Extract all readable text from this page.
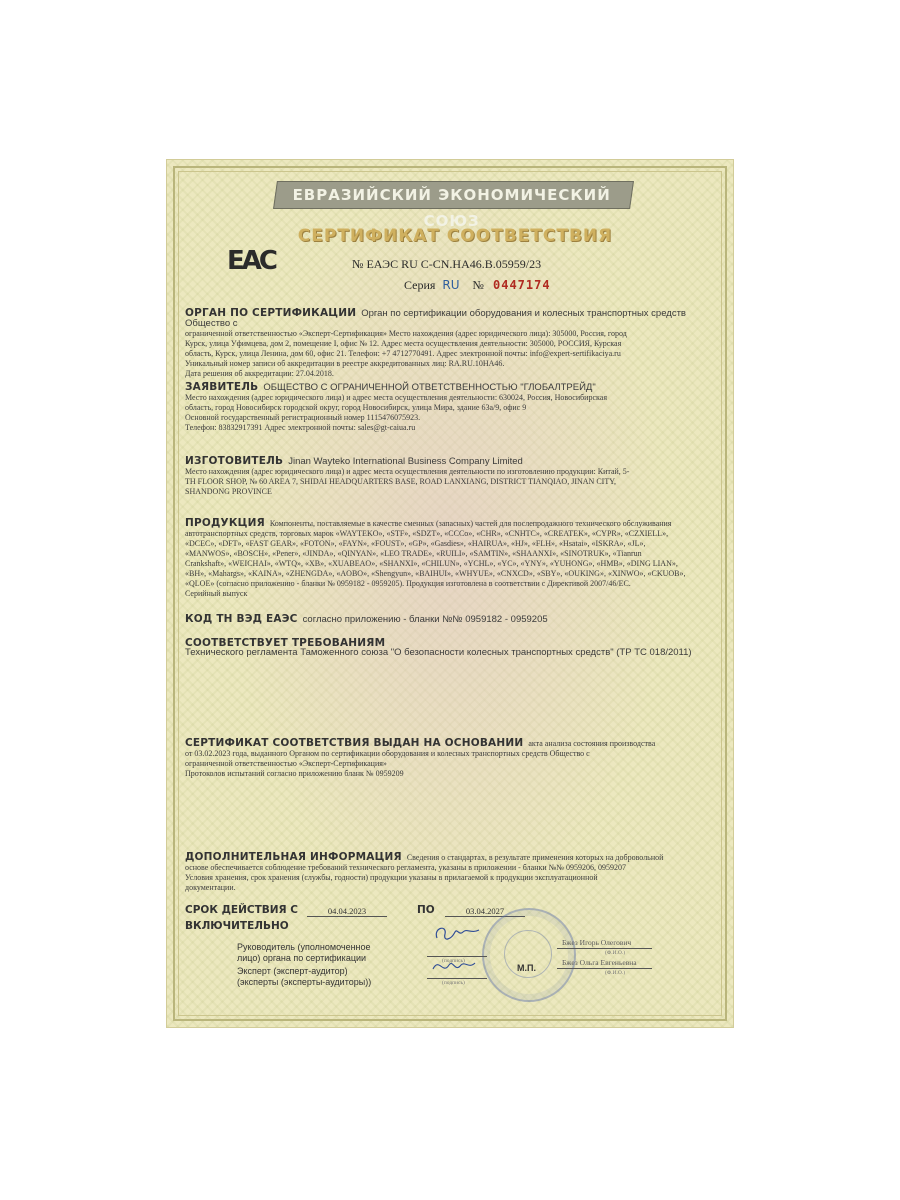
ЕВРАЗИЙСКИЙ ЭКОНОМИЧЕСКИЙ СОЮЗ
СЕРТИФИКАТ СООТВЕТСТВИЯ
ЕАС	№ ЕАЭС RU С-CN.НА46.В.05959/23
Серия RU № 0447174
ОРГАН ПО СЕРТИФИКАЦИИ Орган по сертификации оборудования и колесных транспортных средств Общество с
ограниченной ответственностью «Эксперт-Сертификация» Место нахождения (адрес юридического лица): 305000, Россия, город
Курск, улица Уфимцева, дом 2, помещение I, офис № 12. Адрес места осуществления деятельности: 305000, РОССИЯ, Курская
область, Курск, улица Ленина, дом 60, офис 21. Телефон: +7 4712770491. Адрес электронной почты: info@expert-sertifikaciya.ru
Уникальный номер записи об аккредитации в реестре аккредитованных лиц: RA.RU.10НА46.
Дата решения об аккредитации: 27.04.2018.
ЗАЯВИТЕЛЬ ОБЩЕСТВО С ОГРАНИЧЕННОЙ ОТВЕТСТВЕННОСТЬЮ "ГЛОБАЛТРЕЙД"
Место нахождения (адрес юридического лица) и адрес места осуществления деятельности: 630024, Россия, Новосибирская
область, город Новосибирск городской округ, город Новосибирск, улица Мира, здание 63а/9, офис 9
Основной государственный регистрационный номер 1115476075923.
Телефон: 83832917391 Адрес электронной почты: sales@gt-caiua.ru
ИЗГОТОВИТЕЛЬ Jinan Wayteko International Business Company Limited
Место нахождения (адрес юридического лица) и адрес места осуществления деятельности по изготовлению продукции: Китай, 5-
TH FLOOR SHOP, № 60 AREA 7, SHIDAI HEADQUARTERS BASE, ROAD LANXIANG, DISTRICT TIANQIAO, JINAN CITY,
SHANDONG PROVINCE
ПРОДУКЦИЯ Компоненты, поставляемые в качестве сменных (запасных) частей для послепродажного технического обслуживания
автотранспортных средств, торговых марок «WAYTEKO», «STF», «SDZT», «CCCo», «CHR», «CNHTC», «CREATEK», «CYPR», «CZXIELL»,
«DCEC», «DFT», «FAST GEAR», «FOTON», «FAYN», «FOUST», «GP», «Gasdies», «HAIRUA», «HJ», «FLH», «Hsatai», «ISKRA», «JL»,
«MANWOS», «BOSCH», «Pener», «JINDA», «QINYAN», «LEO TRADE», «RUILI», «SAMTIN», «SHAANXI», «SINOTRUK», «Tianrun
Crankshaft», «WEICHAI», «WTQ», «XB», «XUABEAO», «SHANXI», «CHILUN», «YCHL», «YC», «YNY», «YUHONG», «HMB», «DING LIAN»,
«BH», «Mahargs», «KAINA», «ZHENGDA», «AOBO», «Shengyun», «BAIHUI», «WHYUE», «CNXCD», «SBY», «OUKING», «XINWO», «CKUOB»,
«QLOE» (согласно приложению - бланки № 0959182 - 0959205). Продукция изготовлена в соответствии с Директивой 2007/46/ЕС.
Серийный выпуск
КОД ТН ВЭД ЕАЭС согласно приложению - бланки №№ 0959182 - 0959205
СООТВЕТСТВУЕТ ТРЕБОВАНИЯМ
Технического регламента Таможенного союза "О безопасности колесных транспортных средств" (ТР ТС 018/2011)
СЕРТИФИКАТ СООТВЕТСТВИЯ ВЫДАН НА ОСНОВАНИИ акта анализа состояния производства
от 03.02.2023 года, выданного Органом по сертификации оборудования и колесных транспортных средств Общество с
ограниченной ответственностью «Эксперт-Сертификация»
Протоколов испытаний согласно приложению бланк № 0959209
ДОПОЛНИТЕЛЬНАЯ ИНФОРМАЦИЯ Сведения о стандартах, в результате применения которых на добровольной
основе обеспечивается соблюдение требований технического регламента, указаны в приложении - бланки №№ 0959206, 0959207
Условия хранения, срок хранения (службы, годности) продукции указаны в прилагаемой к продукции эксплуатационной
документации.
СРОК ДЕЙСТВИЯ С	04.04.2023	ПО	03.04.2027
ВКЛЮЧИТЕЛЬНО
М.П.
Руководитель (уполномоченное
лицо) органа по сертификации	(подпись)
Бжез Игорь Олегович
(Ф.И.О.)
Эксперт (эксперт-аудитор)
(эксперты (эксперты-аудиторы))	(подпись)
Бжез Ольга Евгеньевна
(Ф.И.О.)
